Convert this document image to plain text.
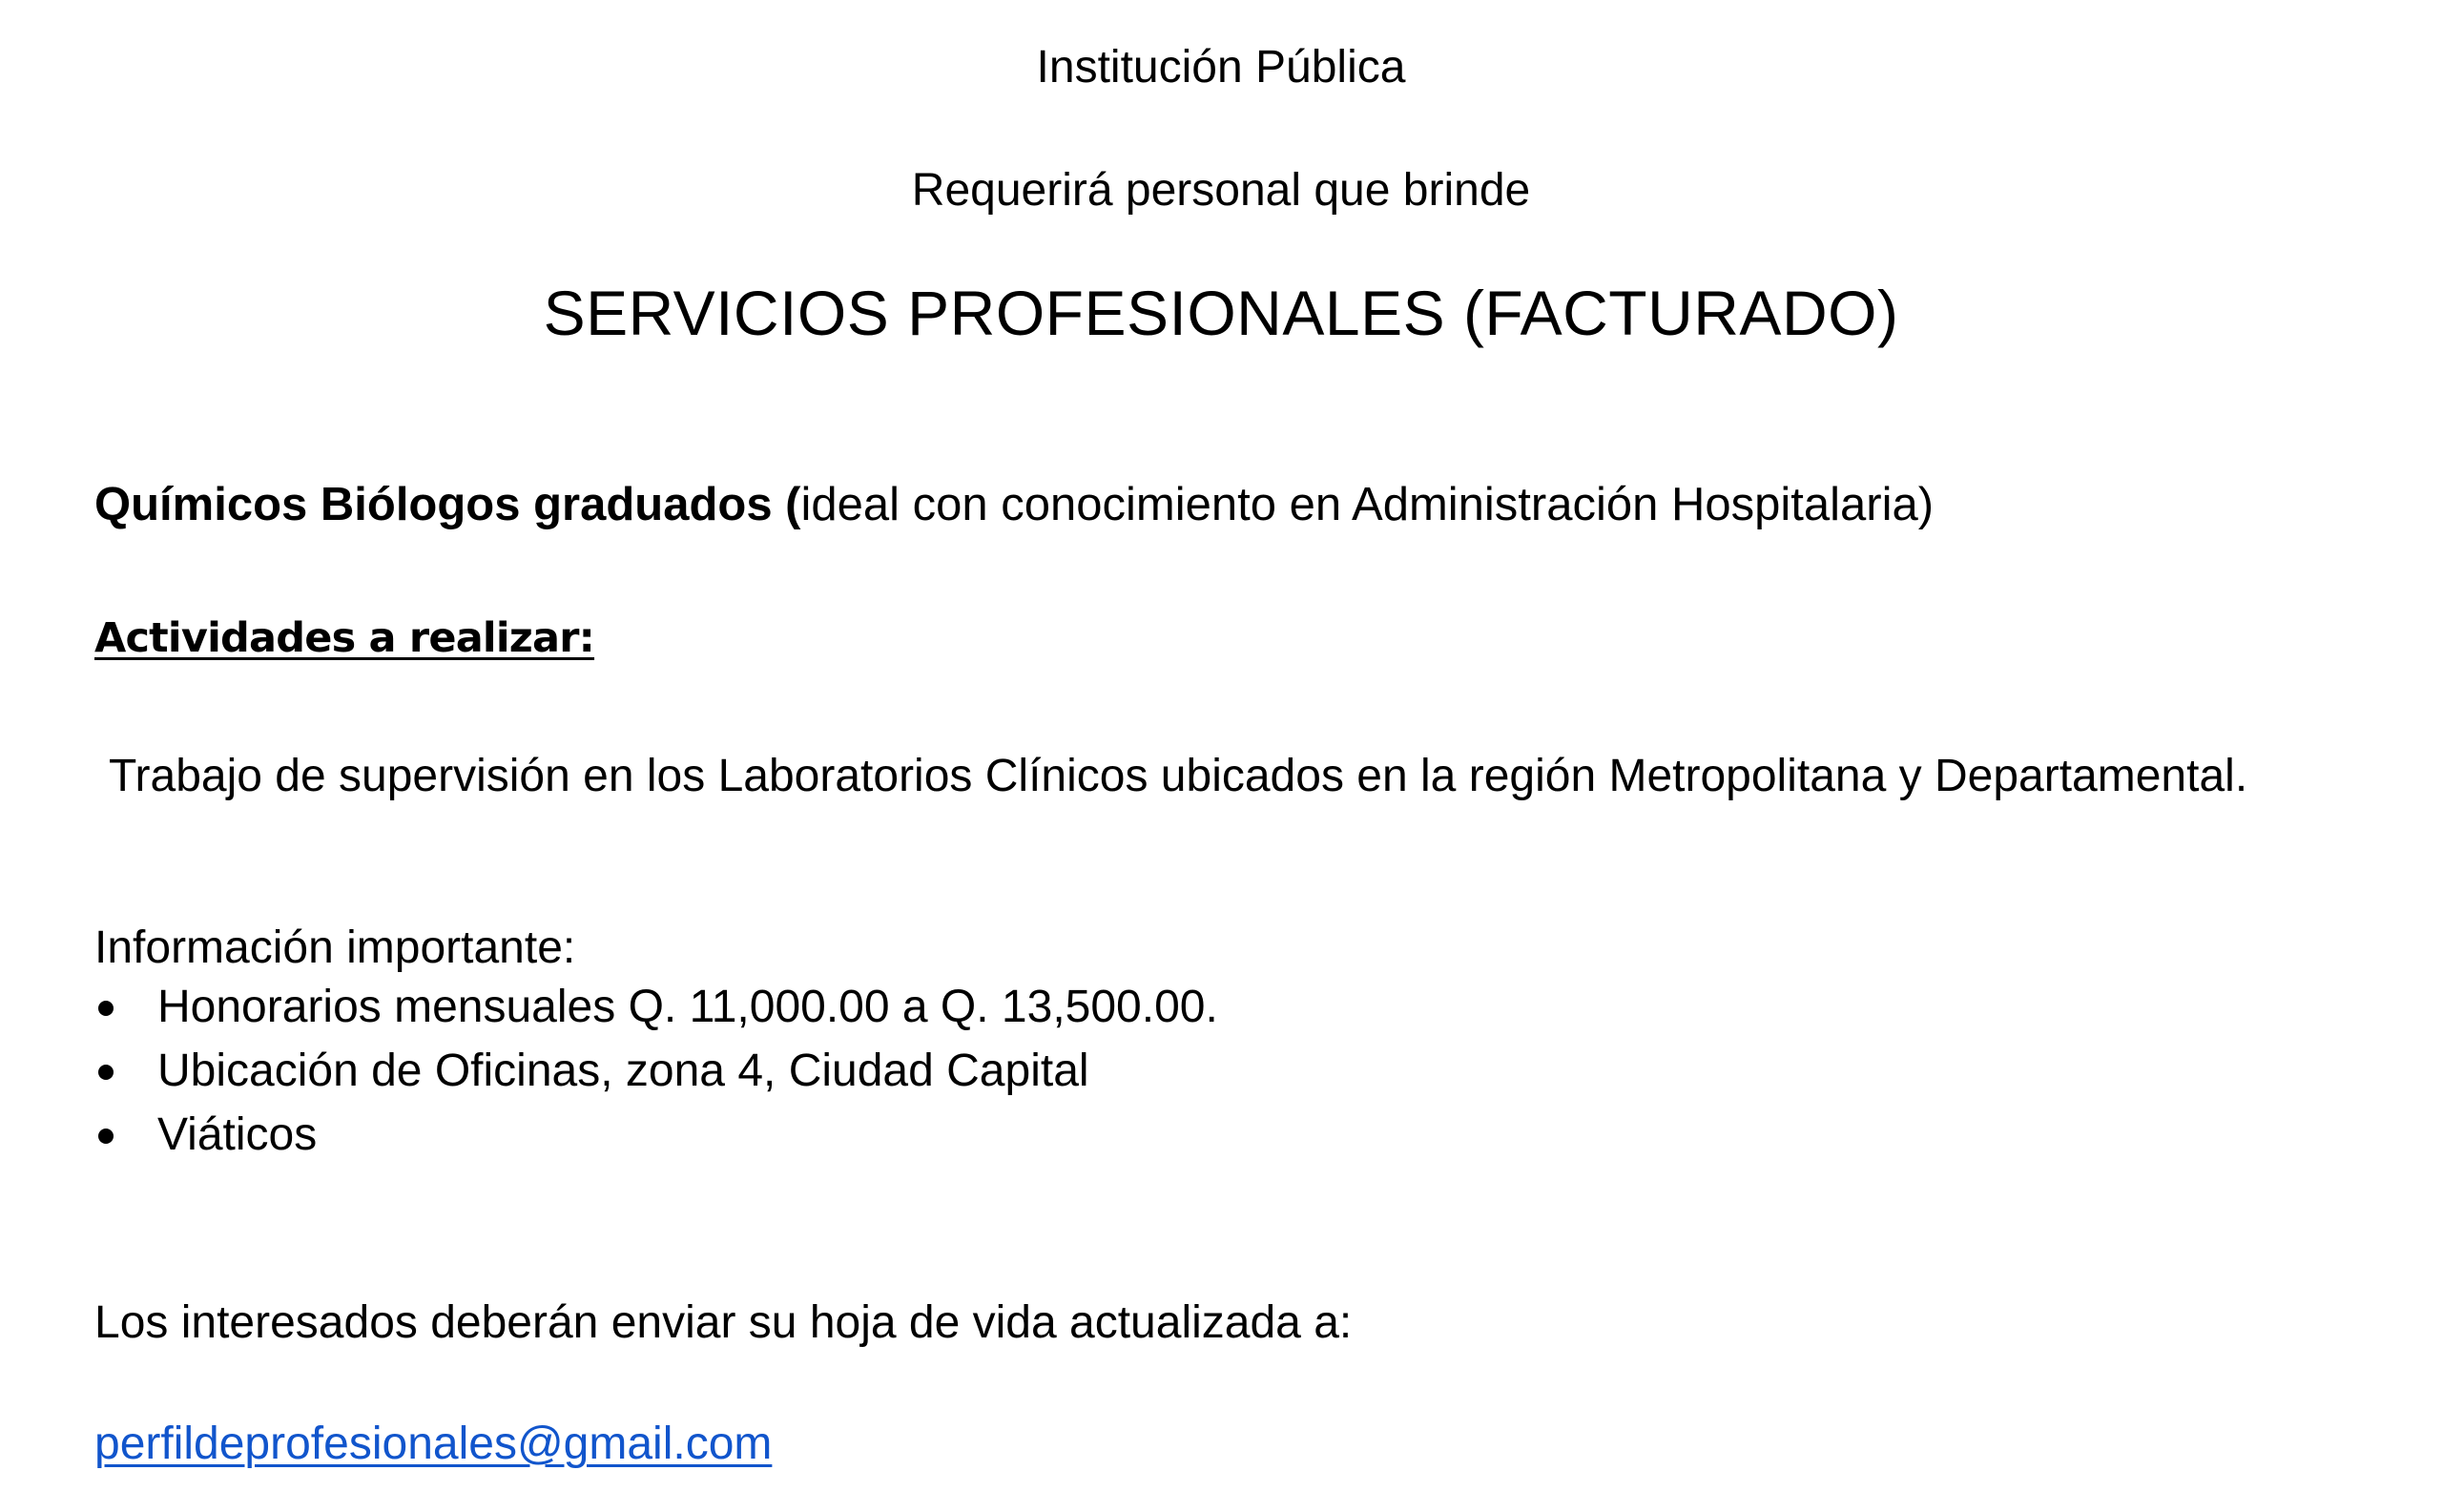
Institución Pública
Requerirá personal que brinde
SERVICIOS PROFESIONALES (FACTURADO)
Químicos Biólogos graduados (ideal con conocimiento en Administración Hospitalaria)
Actividades a realizar:
Trabajo de supervisión en los Laboratorios Clínicos ubicados en la región Metropolitana y Departamental.
Información importante:
Honorarios mensuales Q. 11,000.00 a Q. 13,500.00.
Ubicación de Oficinas, zona 4, Ciudad Capital
Viáticos
Los interesados deberán enviar su hoja de vida actualizada a:
perfildeprofesionales@gmail.com
